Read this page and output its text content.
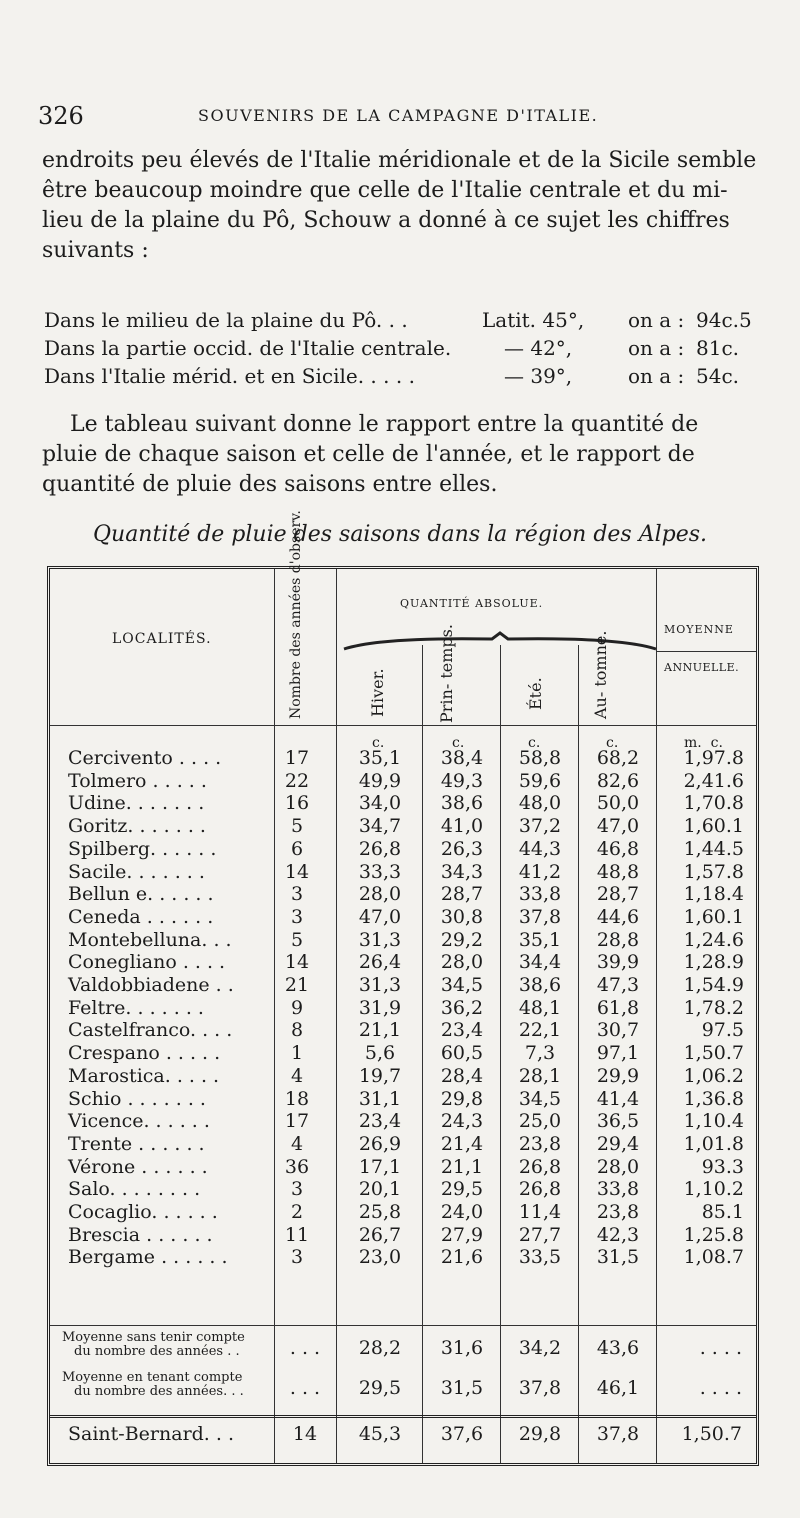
326	SOUVENIRS DE LA CAMPAGNE D'ITALIE.

endroits peu élevés de l'Italie méridionale et de la Sicile semble
être beaucoup moindre que celle de l'Italie centrale et du mi-
lieu de la plaine du Pô, Schouw a donné à ce sujet les chiffres
suivants :

Dans le milieu de la plaine du Pô. . .	Latit. 45°, on a : 94c.5
Dans la partie occid. de l'Italie centrale.	— 42°,	on a : 81c.
Dans l'Italie mérid. et en Sicile. . . . .	— 39°,	on a : 54c.

Le tableau suivant donne le rapport entre la quantité de
pluie de chaque saison et celle de l'année, et le rapport de
quantité de pluie des saisons entre elles.

Quantité de pluie des saisons dans la région des Alpes.
LOCALITÉS.	Nombre des années d'observ.	QUANTITÉ ABSOLUE.
Hiver.	Prin- temps.	Été.	Au- tomne.
MOYENNE
ANNUELLE.
c.	c.	c.	c.	m.  c.
Cercivento . . . .	17	35,1	38,4	58,8	68,2	1,97.8
Tolmero . . . . .	22	49,9	49,3	59,6	82,6	2,41.6
Udine. . . . . . .	16	34,0	38,6	48,0	50,0	1,70.8
Goritz. . . . . . .	5	34,7	41,0	37,2	47,0	1,60.1
Spilberg. . . . . .	6	26,8	26,3	44,3	46,8	1,44.5
Sacile. . . . . . .	14	33,3	34,3	41,2	48,8	1,57.8
Bellun e. . . . . .	3	28,0	28,7	33,8	28,7	1,18.4
Ceneda . . . . . .	3	47,0	30,8	37,8	44,6	1,60.1
Montebelluna. . .	5	31,3	29,2	35,1	28,8	1,24.6
Conegliano . . . .	14	26,4	28,0	34,4	39,9	1,28.9
Valdobbiadene . .	21	31,3	34,5	38,6	47,3	1,54.9
Feltre. . . . . . .	9	31,9	36,2	48,1	61,8	1,78.2
Castelfranco. . . .	8	21,1	23,4	22,1	30,7	97.5
Crespano . . . . .	1	5,6	60,5	7,3	97,1	1,50.7
Marostica. . . . .	4	19,7	28,4	28,1	29,9	1,06.2
Schio . . . . . . .	18	31,1	29,8	34,5	41,4	1,36.8
Vicence. . . . . .	17	23,4	24,3	25,0	36,5	1,10.4
Trente . . . . . .	4	26,9	21,4	23,8	29,4	1,01.8
Vérone . . . . . .	36	17,1	21,1	26,8	28,0	93.3
Salo. . . . . . . .	3	20,1	29,5	26,8	33,8	1,10.2
Cocaglio. . . . . .	2	25,8	24,0	11,4	23,8	85.1
Brescia . . . . . .	11	26,7	27,9	27,7	42,3	1,25.8
Bergame . . . . . .	3	23,0	21,6	33,5	31,5	1,08.7
Moyenne sans tenir compte
du nombre des années . .	. . .	28,2	31,6	34,2	43,6	. . . .
Moyenne en tenant compte
du nombre des années. . .	. . .	29,5	31,5	37,8	46,1	. . . .
Saint-Bernard. . .	14	45,3	37,6	29,8	37,8	1,50.7
